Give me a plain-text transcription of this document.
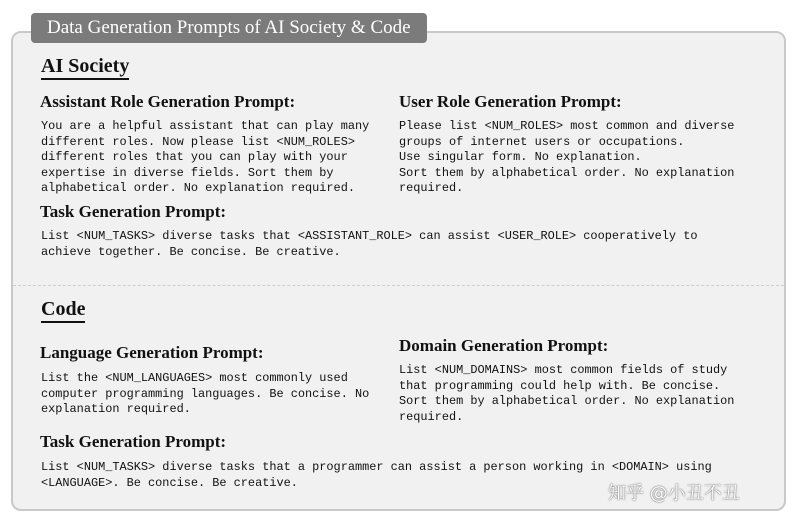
Data Generation Prompts of AI Society & Code
AI Society
Assistant Role Generation Prompt:
You are a helpful assistant that can play many
different roles. Now please list <NUM_ROLES>
different roles that you can play with your
expertise in diverse fields. Sort them by
alphabetical order. No explanation required.
User Role Generation Prompt:
Please list <NUM_ROLES> most common and diverse
groups of internet users or occupations.
Use singular form. No explanation.
Sort them by alphabetical order. No explanation
required.
Task Generation Prompt:
List <NUM_TASKS> diverse tasks that <ASSISTANT_ROLE> can assist <USER_ROLE> cooperatively to
achieve together. Be concise. Be creative.
Code
Language Generation Prompt:
List the <NUM_LANGUAGES> most commonly used
computer programming languages. Be concise. No
explanation required.
Domain Generation Prompt:
List <NUM_DOMAINS> most common fields of study
that programming could help with. Be concise.
Sort them by alphabetical order. No explanation
required.
Task Generation Prompt:
List <NUM_TASKS> diverse tasks that a programmer can assist a person working in <DOMAIN> using
<LANGUAGE>. Be concise. Be creative.
知乎 @小丑不丑
